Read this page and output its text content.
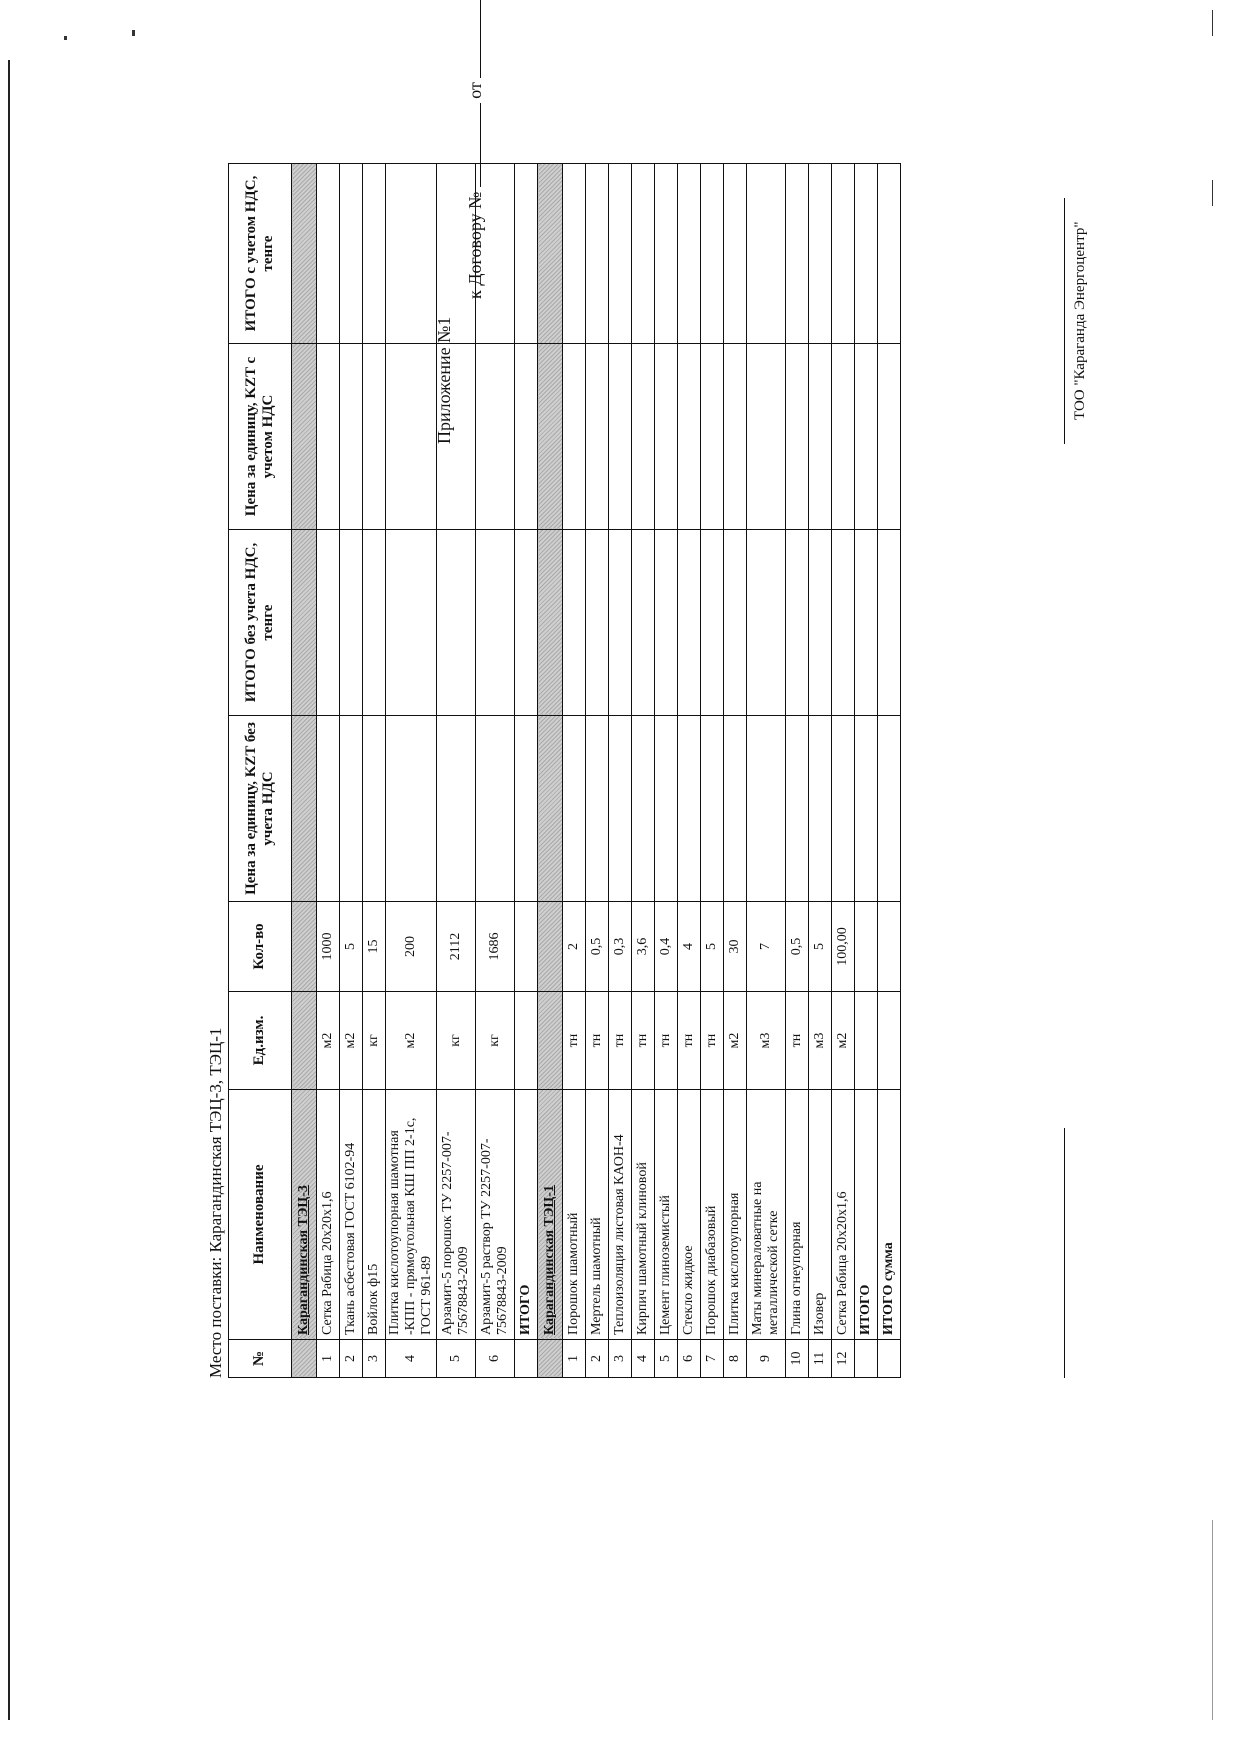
Приложение №1
к Договору №  от
Место поставки: Карагандинская ТЭЦ-3, ТЭЦ-1 №	Наименование	Ед.изм.	Кол-во	Цена за единицу, KZT без учета НДС	ИТОГО без учета НДС, тенге	Цена за единицу, KZT с учетом НДС	ИТОГО с учетом НДС, тенге
	Карагандинская ТЭЦ-3						
1	Сетка Рабица 20х20х1,6	м2	1000				
2	Ткань асбестовая ГОСТ 6102-94	м2	5				
3	Войлок ф15	кг	15				
4	Плитка кислотоупорная шамотная -КПП - прямоугольная КШ ПП 2-1с, ГОСТ 961-89	м2	200				
5	Арзамит-5 порошок ТУ 2257-007-75678843-2009	кг	2112				
6	Арзамит-5 раствор ТУ 2257-007-75678843-2009	кг	1686				
	ИТОГО						
	Карагандинская ТЭЦ-1						
1	Порошок шамотный	тн	2				
2	Мертель шамотный	тн	0,5				
3	Теплоизоляция листовая КАОН-4	тн	0,3				
4	Кирпич шамотный клиновой	тн	3,6				
5	Цемент глиноземистый	тн	0,4				
6	Стекло жидкое	тн	4				
7	Порошок диабазовый	тн	5				
8	Плитка кислотоупорная	м2	30				
9	Маты минераловатные на металлической сетке	м3	7				
10	Глина огнеупорная	тн	0,5				
11	Изовер	м3	5				
12	Сетка Рабица 20х20х1,6	м2	100,00				
	ИТОГО						
	ИТОГО сумма						
ТОО "Караганда Энергоцентр"
